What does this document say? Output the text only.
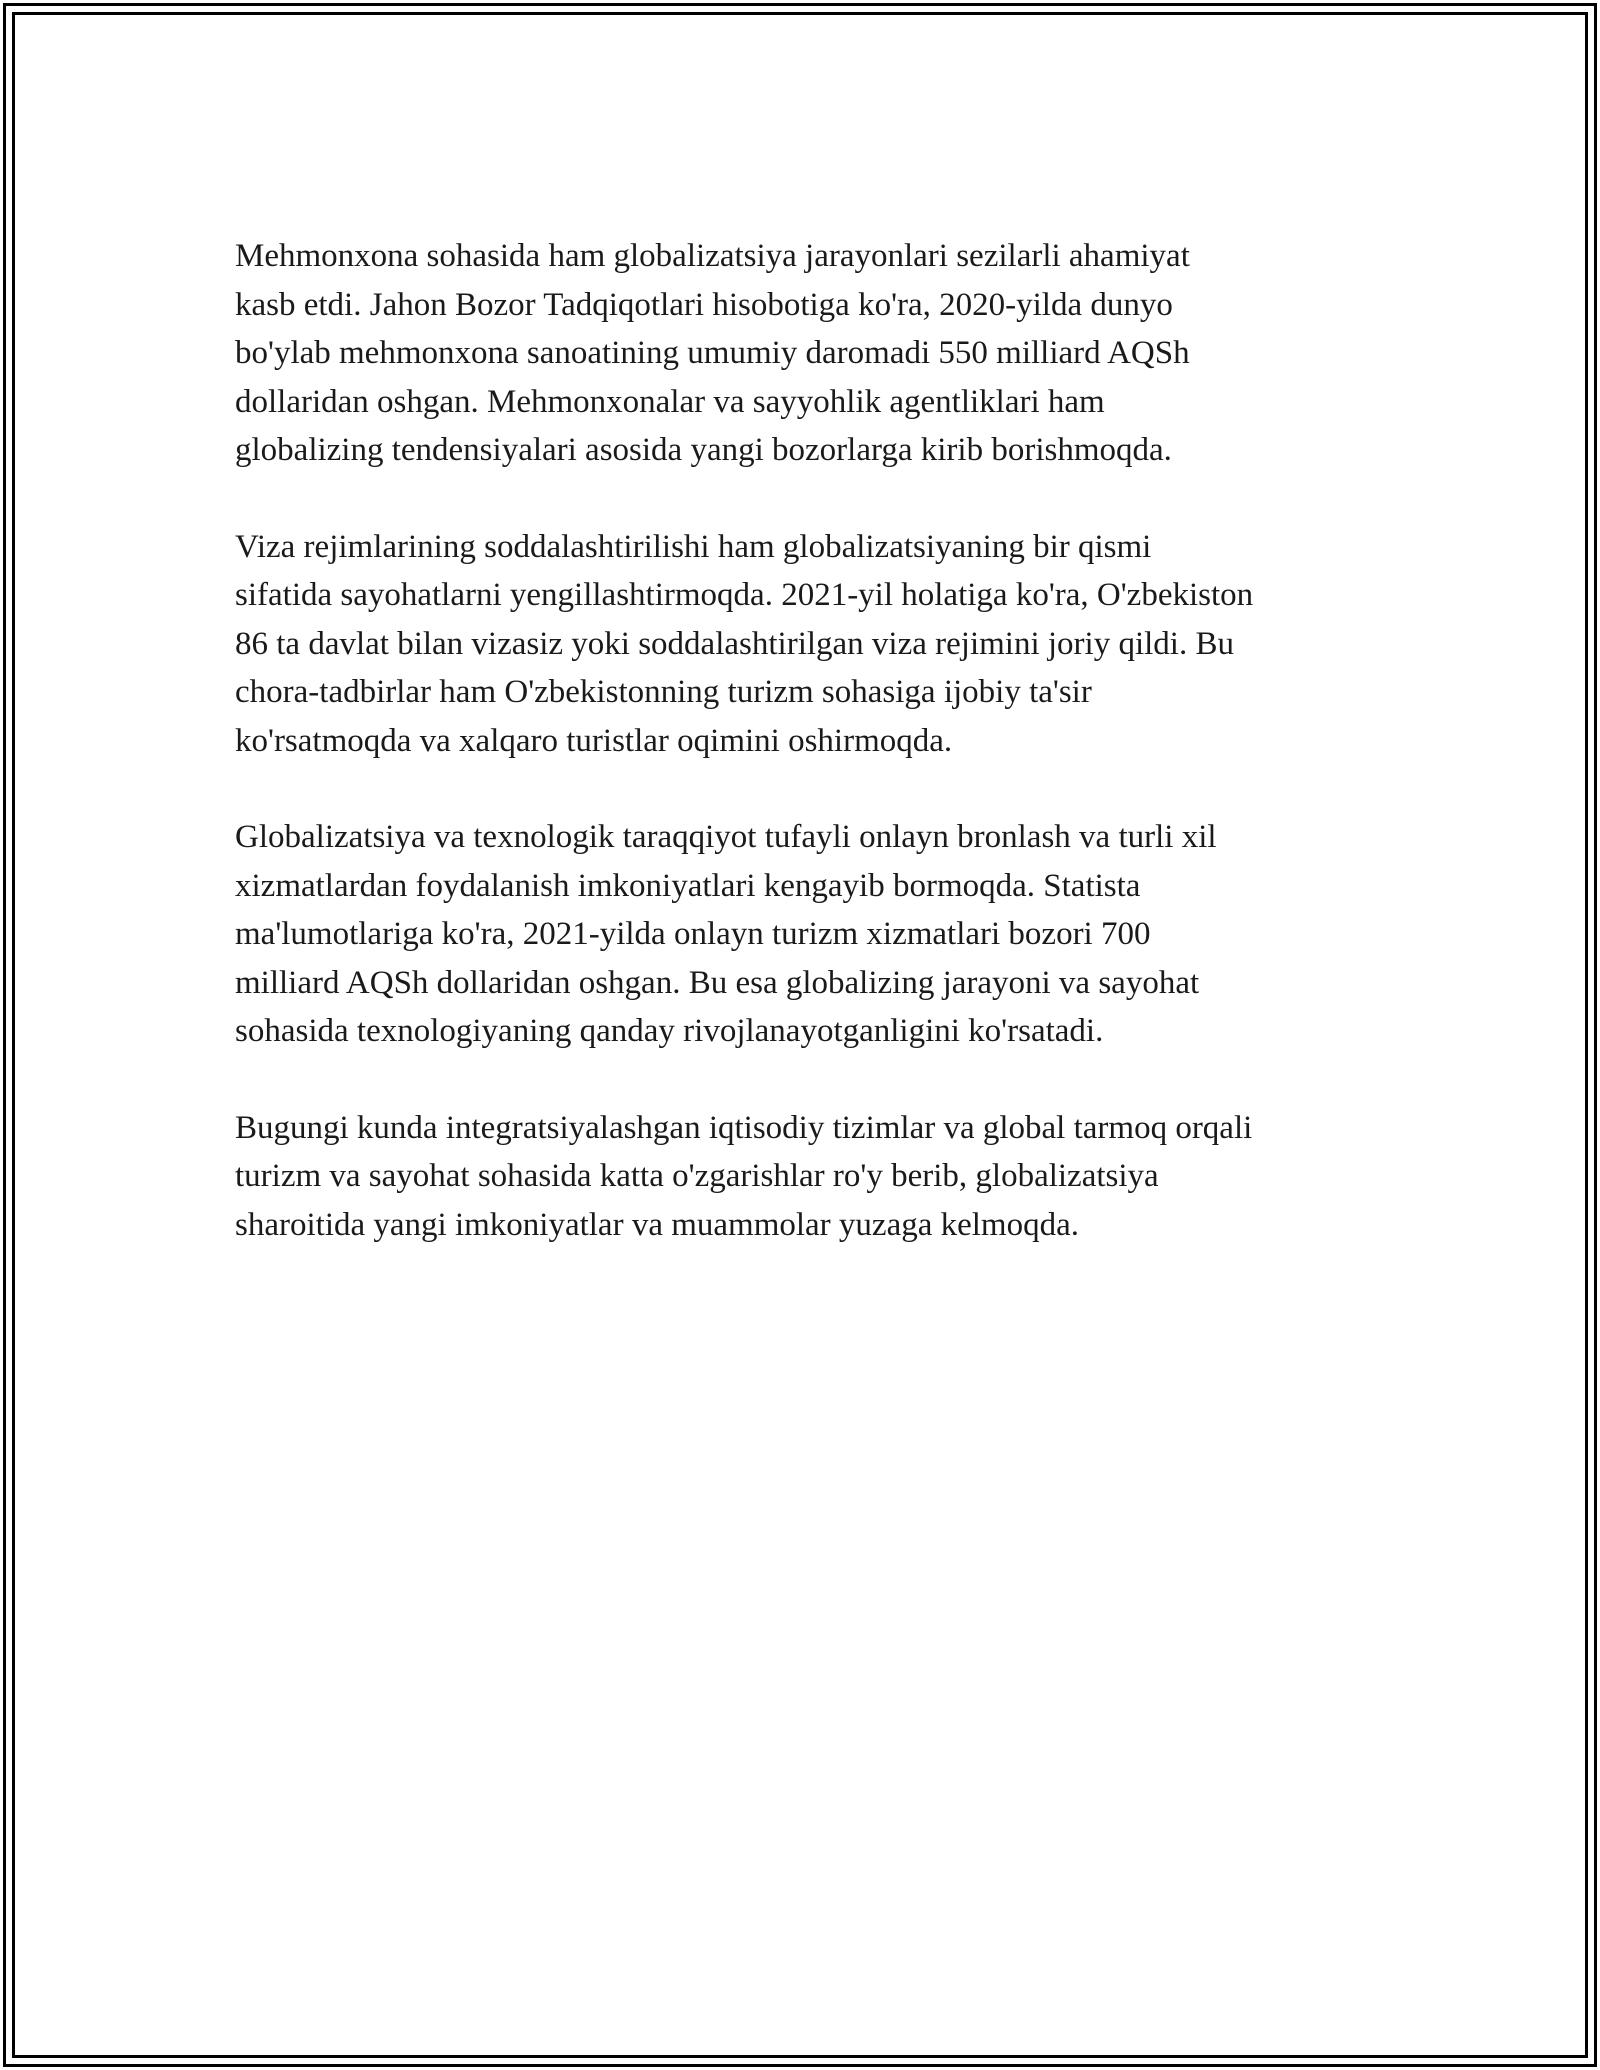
Mehmonxona sohasida ham globalizatsiya jarayonlari sezilarli ahamiyat
kasb etdi. Jahon Bozor Tadqiqotlari hisobotiga ko'ra, 2020-yilda dunyo
bo'ylab mehmonxona sanoatining umumiy daromadi 550 milliard AQSh
dollaridan oshgan. Mehmonxonalar va sayyohlik agentliklari ham
globalizing tendensiyalari asosida yangi bozorlarga kirib borishmoqda.

Viza rejimlarining soddalashtirilishi ham globalizatsiyaning bir qismi
sifatida sayohatlarni yengillashtirmoqda. 2021-yil holatiga ko'ra, O'zbekiston
86 ta davlat bilan vizasiz yoki soddalashtirilgan viza rejimini joriy qildi. Bu
chora-tadbirlar ham O'zbekistonning turizm sohasiga ijobiy ta'sir
ko'rsatmoqda va xalqaro turistlar oqimini oshirmoqda.

Globalizatsiya va texnologik taraqqiyot tufayli onlayn bronlash va turli xil
xizmatlardan foydalanish imkoniyatlari kengayib bormoqda. Statista
ma'lumotlariga ko'ra, 2021-yilda onlayn turizm xizmatlari bozori 700
milliard AQSh dollaridan oshgan. Bu esa globalizing jarayoni va sayohat
sohasida texnologiyaning qanday rivojlanayotganligini ko'rsatadi.

Bugungi kunda integratsiyalashgan iqtisodiy tizimlar va global tarmoq orqali
turizm va sayohat sohasida katta o'zgarishlar ro'y berib, globalizatsiya
sharoitida yangi imkoniyatlar va muammolar yuzaga kelmoqda.
